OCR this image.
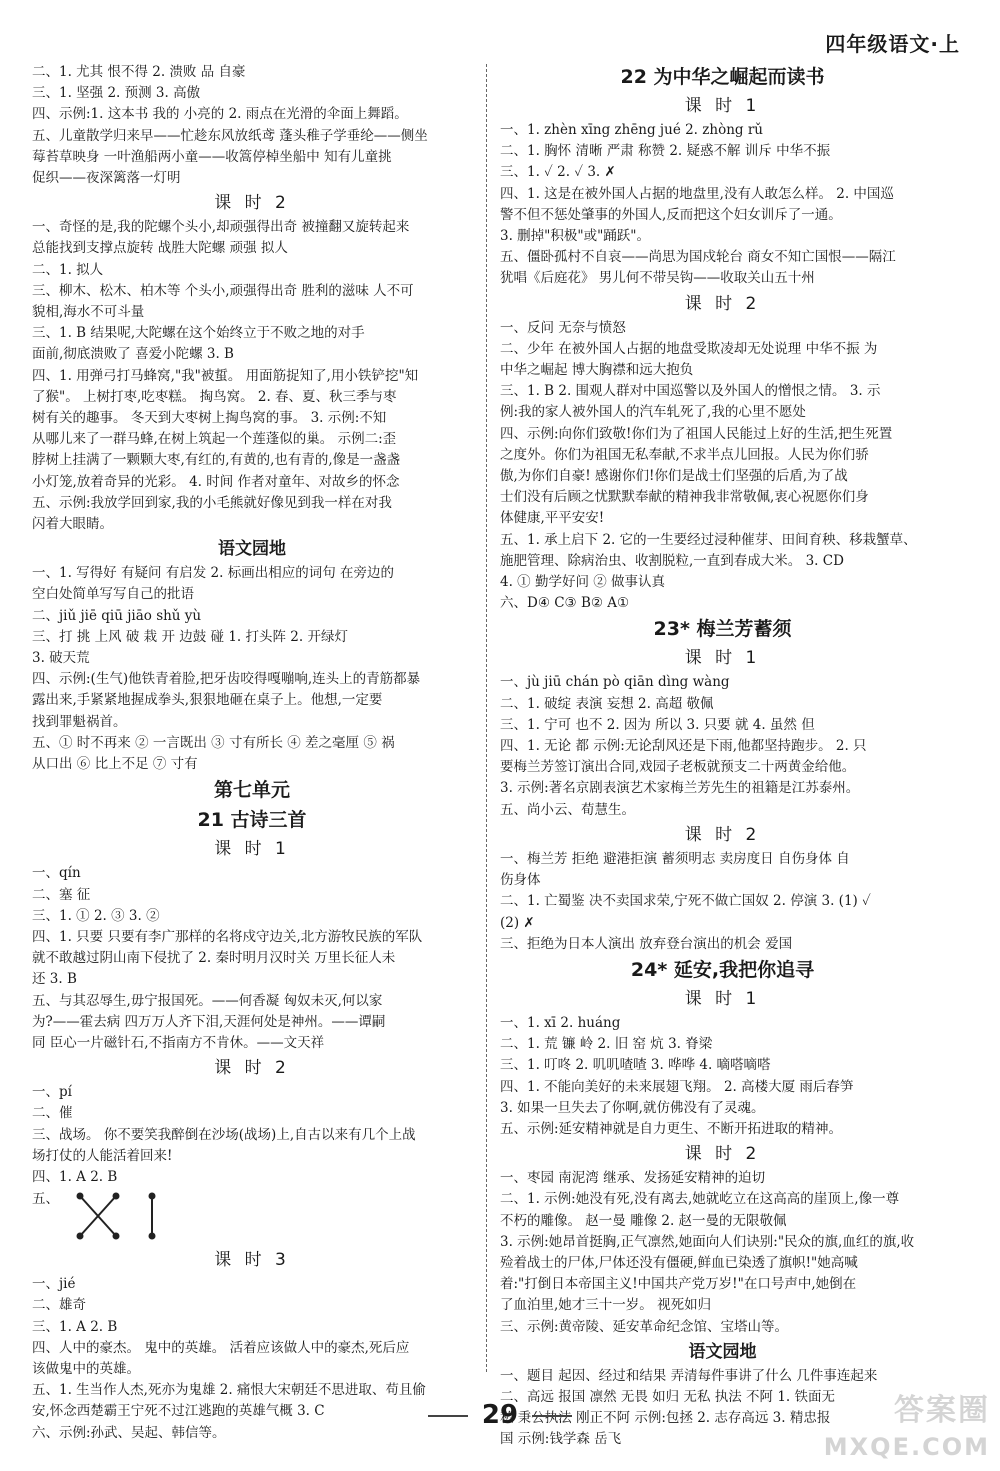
四年级语文·上
二、1. 尤其 恨不得 2. 溃败 品 自豪
三、1. 坚强 2. 预测 3. 高傲
四、示例:1. 这本书 我的 小亮的 2. 雨点在光滑的伞面上舞蹈。
五、儿童散学归来早——忙趁东风放纸鸢 蓬头稚子学垂纶——侧坐
莓苔草映身 一叶渔船两小童——收篙停棹坐船中 知有儿童挑
促织——夜深篱落一灯明
课 时 2
一、奇怪的是,我的陀螺个头小,却顽强得出奇 被撞翻又旋转起来
总能找到支撑点旋转 战胜大陀螺 顽强 拟人
二、1. 拟人
三、柳木、松木、柏木等 个头小,顽强得出奇 胜利的滋味 人不可
貌相,海水不可斗量
三、1. B 结果呢,大陀螺在这个始终立于不败之地的对手
面前,彻底溃败了 喜爱小陀螺 3. B
四、1. 用弹弓打马蜂窝,"我"被蜇。 用面筋捉知了,用小铁铲挖"知
了猴"。 上树打枣,吃枣糕。 掏鸟窝。 2. 春、夏、秋三季与枣
树有关的趣事。 冬天到大枣树上掏鸟窝的事。 3. 示例:不知
从哪儿来了一群马蜂,在树上筑起一个莲蓬似的巢。 示例二:歪
脖树上挂满了一颗颗大枣,有红的,有黄的,也有青的,像是一盏盏
小灯笼,放着奇异的光彩。 4. 时间 作者对童年、对故乡的怀念
五、示例:我放学回到家,我的小毛熊就好像见到我一样在对我
闪着大眼睛。
语文园地
一、1. 写得好 有疑问 有启发 2. 标画出相应的词句 在旁边的
空白处简单写写自己的批语
二、jiǔ jiē qiū jiāo shǔ yù
三、打 挑 上风 破 栽 开 边鼓 碰 1. 打头阵 2. 开绿灯
3. 破天荒
四、示例:(生气)他铁青着脸,把牙齿咬得嘎嘣响,连头上的青筋都暴
露出来,手紧紧地握成拳头,狠狠地砸在桌子上。他想,一定要
找到罪魁祸首。
五、① 时不再来 ② 一言既出 ③ 寸有所长 ④ 差之毫厘 ⑤ 祸
从口出 ⑥ 比上不足 ⑦ 寸有
第七单元
21 古诗三首
课 时 1
一、qín
二、塞 征
三、1. ① 2. ③ 3. ②
四、1. 只要 只要有李广那样的名将戍守边关,北方游牧民族的军队
就不敢越过阴山南下侵扰了 2. 秦时明月汉时关 万里长征人未
还 3. B
五、与其忍辱生,毋宁报国死。——何香凝 匈奴未灭,何以家
为?——霍去病 四万万人齐下泪,天涯何处是神州。——谭嗣
同 臣心一片磁针石,不指南方不肯休。——文天祥
课 时 2
一、pí
二、催
三、战场。 你不要笑我醉倒在沙场(战场)上,自古以来有几个上战
场打仗的人能活着回来!
四、1. A 2. B
五、
课 时 3
一、jié
二、雄奇
三、1. A 2. B
四、人中的豪杰。 鬼中的英雄。 活着应该做人中的豪杰,死后应
该做鬼中的英雄。
五、1. 生当作人杰,死亦为鬼雄 2. 痛恨大宋朝廷不思进取、苟且偷
安,怀念西楚霸王宁死不过江逃跑的英雄气概 3. C
六、示例:孙武、吴起、韩信等。
22 为中华之崛起而读书
课 时 1
一、1. zhèn xīng zhēng jué 2. zhòng rǔ
二、1. 胸怀 清晰 严肃 称赞 2. 疑惑不解 训斥 中华不振
三、1. ✓ 2. ✓ 3. ✗
四、1. 这是在被外国人占据的地盘里,没有人敢怎么样。 2. 中国巡
警不但不惩处肇事的外国人,反而把这个妇女训斥了一通。
3. 删掉"积极"或"踊跃"。
五、僵卧孤村不自哀——尚思为国戍轮台 商女不知亡国恨——隔江
犹唱《后庭花》 男儿何不带吴钩——收取关山五十州
课 时 2
一、反问 无奈与愤怒
二、少年 在被外国人占据的地盘受欺凌却无处说理 中华不振 为
中华之崛起 博大胸襟和远大抱负
三、1. B 2. 围观人群对中国巡警以及外国人的憎恨之情。 3. 示
例:我的家人被外国人的汽车轧死了,我的心里不愿处
四、示例:向你们致敬!你们为了祖国人民能过上好的生活,把生死置
之度外。你们为祖国无私奉献,不求半点儿回报。人民为你们骄
傲,为你们自豪! 感谢你们!你们是战士们坚强的后盾,为了战
士们没有后顾之忧默默奉献的精神我非常敬佩,衷心祝愿你们身
体健康,平平安安!
五、1. 承上启下 2. 它的一生要经过浸种催芽、田间育秧、移栽蟹草、
施肥管理、除病治虫、收割脱粒,一直到春成大米。 3. CD
4. ① 勤学好问 ② 做事认真
六、D④ C③ B② A①
23* 梅兰芳蓄须
课 时 1
一、jù jiū chán pò qiān dìng wàng
二、1. 破绽 表演 妄想 2. 高超 敬佩
三、1. 宁可 也不 2. 因为 所以 3. 只要 就 4. 虽然 但
四、1. 无论 都 示例:无论刮风还是下雨,他都坚持跑步。 2. 只
要梅兰芳签订演出合同,戏园子老板就预支二十两黄金给他。
3. 示例:著名京剧表演艺术家梅兰芳先生的祖籍是江苏泰州。
五、尚小云、荀慧生。
课 时 2
一、梅兰芳 拒绝 避港拒演 蓄须明志 卖房度日 自伤身体 自
伤身体
二、1. 亡蜀鉴 决不卖国求荣,宁死不做亡国奴 2. 停演 3. (1) ✓
(2) ✗
三、拒绝为日本人演出 放弃登台演出的机会 爱国
24* 延安,我把你追寻
课 时 1
一、1. xī 2. huáng
二、1. 荒 镰 岭 2. 旧 窑 炕 3. 脊梁
三、1. 叮咚 2. 叽叽喳喳 3. 哗哗 4. 嘀嗒嘀嗒
四、1. 不能向美好的未来展翅飞翔。 2. 高楼大厦 雨后春笋
3. 如果一旦失去了你啊,就仿佛没有了灵魂。
五、示例:延安精神就是自力更生、不断开拓进取的精神。
课 时 2
一、枣园 南泥湾 继承、发扬延安精神的迫切
二、1. 示例:她没有死,没有离去,她就屹立在这高高的崖顶上,像一尊
不朽的雕像。 赵一曼 雕像 2. 赵一曼的无限敬佩
3. 示例:她昂首挺胸,正气凛然,她面向人们诀别:"民众的旗,血红的旗,收
殓着战士的尸体,尸体还没有僵硬,鲜血已染透了旗帜!"她高喊
着:"打倒日本帝国主义!中国共产党万岁!"在口号声中,她倒在
了血泊里,她才三十一岁。 视死如归
三、示例:黄帝陵、延安革命纪念馆、宝塔山等。
语文园地
一、题目 起因、经过和结果 弄清每件事讲了什么 几件事连起来
二、高远 报国 凛然 无畏 如归 无私 执法 不阿 1. 铁面无
私 秉公执法 刚正不阿 示例:包拯 2. 志存高远 3. 精忠报
国 示例:钱学森 岳飞
29	答案圈
MXQE.COM
